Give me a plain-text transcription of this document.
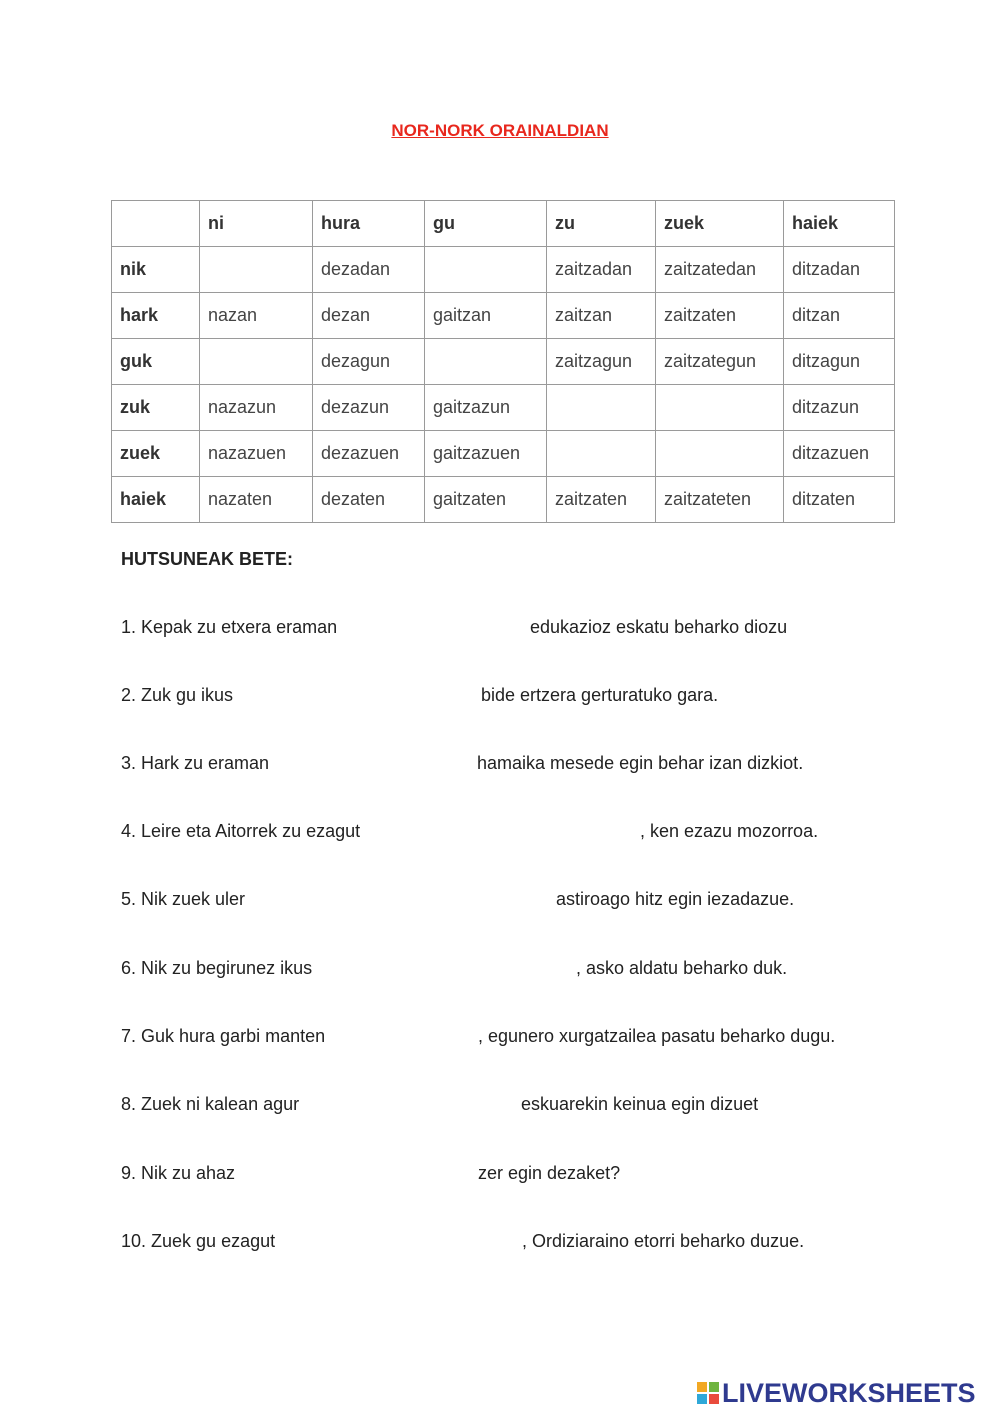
NOR-NORK ORAINALDIAN
	ni	hura	gu	zu	zuek	haiek
nik		dezadan		zaitzadan	zaitzatedan	ditzadan
hark	nazan	dezan	gaitzan	zaitzan	zaitzaten	ditzan
guk		dezagun		zaitzagun	zaitzategun	ditzagun
zuk	nazazun	dezazun	gaitzazun			ditzazun
zuek	nazazuen	dezazuen	gaitzazuen			ditzazuen
haiek	nazaten	dezaten	gaitzaten	zaitzaten	zaitzateten	ditzaten
HUTSUNEAK BETE:
1. Kepak zu etxera eraman	edukazioz eskatu beharko diozu
2. Zuk gu ikus	bide ertzera gerturatuko gara.
3. Hark zu eraman	hamaika mesede egin behar izan dizkiot.
4. Leire eta Aitorrek zu ezagut	, ken ezazu mozorroa.
5. Nik zuek uler	astiroago hitz egin iezadazue.
6. Nik zu begirunez ikus	, asko aldatu beharko duk.
7. Guk hura garbi manten	, egunero xurgatzailea pasatu beharko dugu.
8. Zuek ni kalean agur	eskuarekin keinua egin dizuet
9. Nik zu ahaz	zer egin dezaket?
10. Zuek gu ezagut	, Ordiziaraino etorri beharko duzue.
LIVEWORKSHEETS
